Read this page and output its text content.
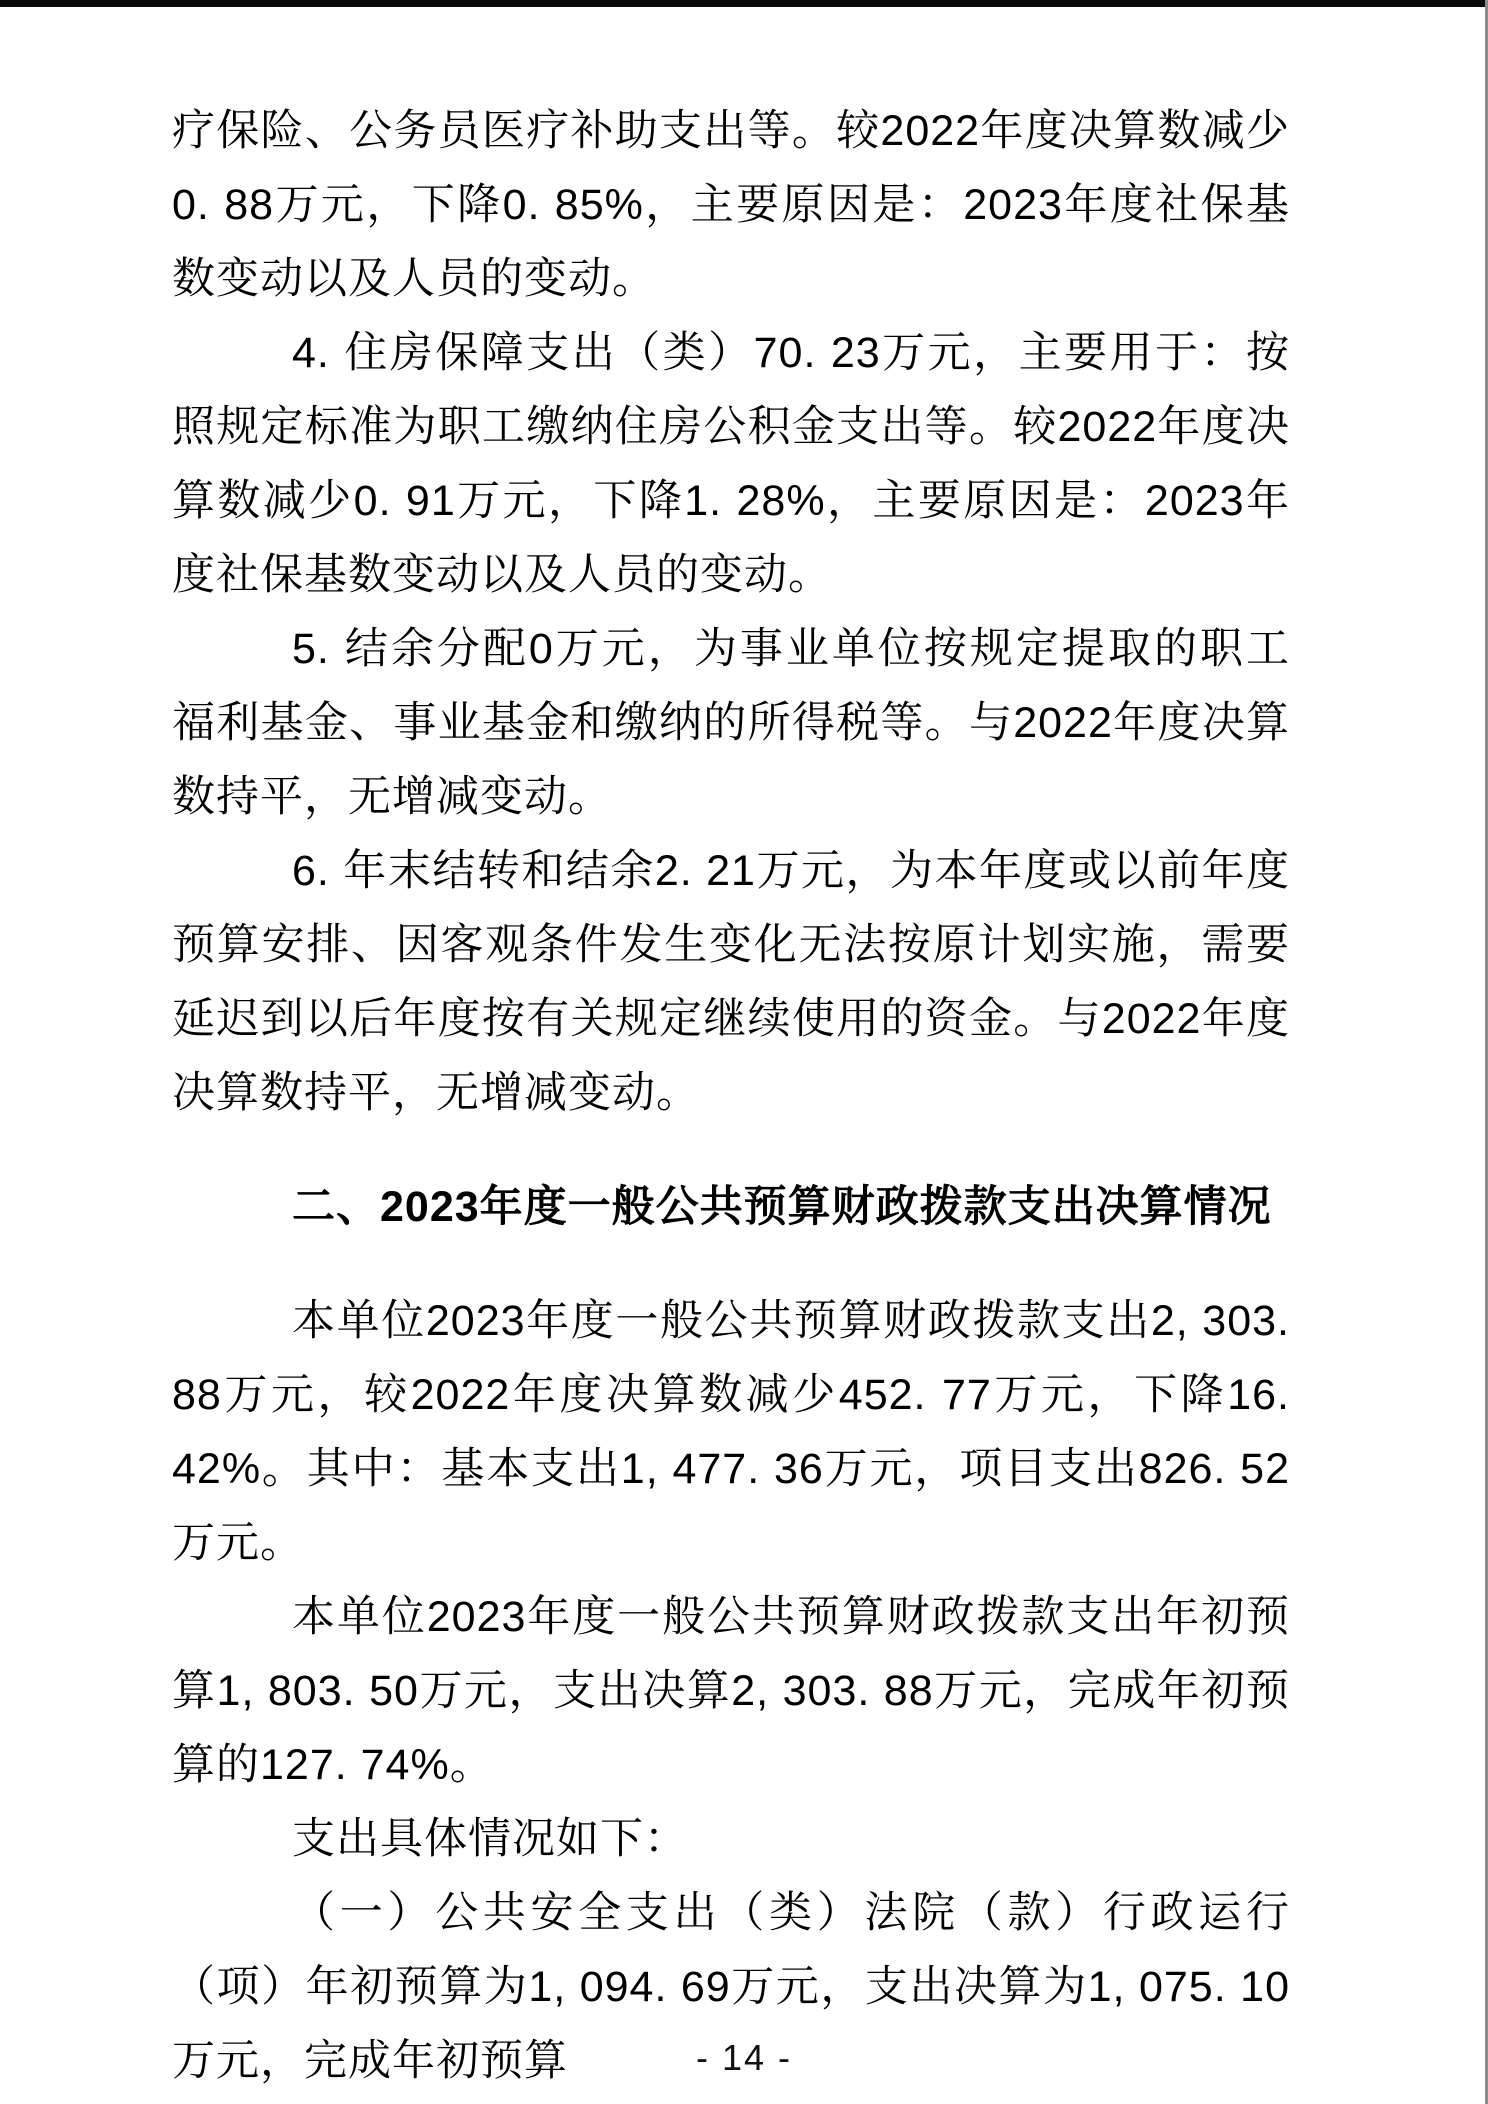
疗保险、公务员医疗补助支出等。较2022年度决算数减少0. 88万元，下降0. 85%，主要原因是：2023年度社保基数变动以及人员的变动。

4. 住房保障支出（类）70. 23万元，主要用于：按照规定标准为职工缴纳住房公积金支出等。较2022年度决算数减少0. 91万元，下降1. 28%，主要原因是：2023年度社保基数变动以及人员的变动。

5. 结余分配0万元，为事业单位按规定提取的职工福利基金、事业基金和缴纳的所得税等。与2022年度决算数持平，无增减变动。

6. 年末结转和结余2. 21万元，为本年度或以前年度预算安排、因客观条件发生变化无法按原计划实施，需要延迟到以后年度按有关规定继续使用的资金。与2022年度决算数持平，无增减变动。

二、2023年度一般公共预算财政拨款支出决算情况

本单位2023年度一般公共预算财政拨款支出2, 303. 88万元，较2022年度决算数减少452. 77万元，下降16. 42%。其中：基本支出1, 477. 36万元，项目支出826. 52万元。

本单位2023年度一般公共预算财政拨款支出年初预算1, 803. 50万元，支出决算2, 303. 88万元，完成年初预算的127. 74%。

支出具体情况如下：

（一）公共安全支出（类）法院（款）行政运行（项）年初预算为1, 094. 69万元，支出决算为1, 075. 10万元，完成年初预算	- 14 -
